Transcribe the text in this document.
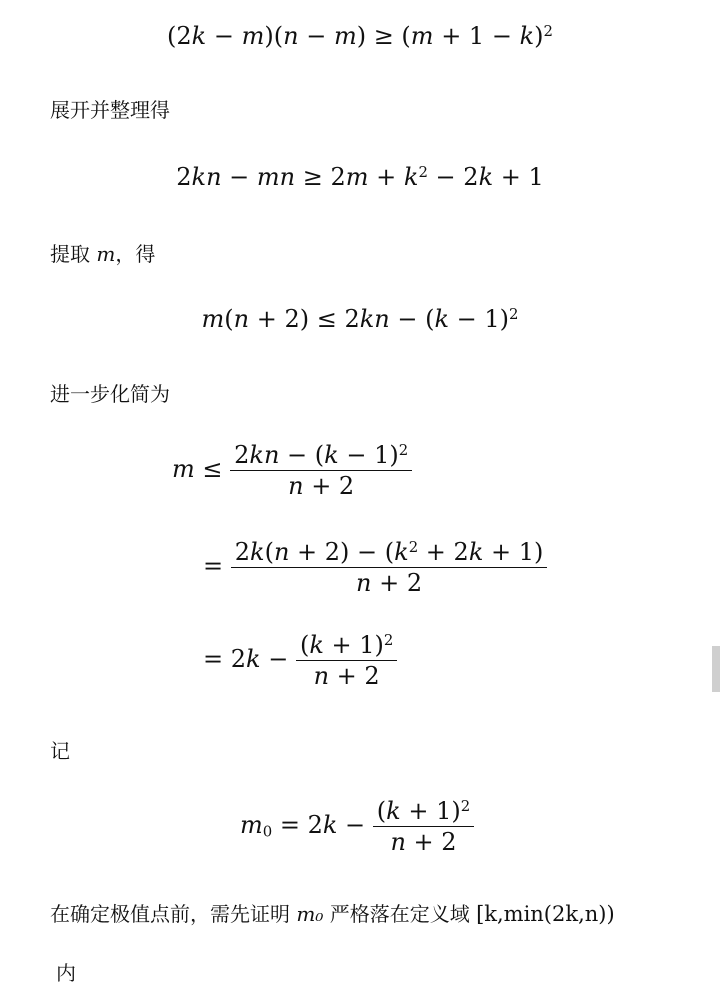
$(2k - m)(n - m) \ge (m + 1 - k)^2$
展开并整理得
2kn − mn ≥ $2m + k^2 - 2k + 1$
提取 m，得
$m(n + 2) \le 2kn - (k - 1)^2$
进一步化简为
$m \le \frac{2kn - (k - 1)^2}{n + 2}$
= $\frac{2k(n + 2) - (k^2 + 2k + 1)}{n + 2}$
= $2k - \frac{(k + 1)^2}{n + 2}$
记
$m_0 = 2k - \frac{(k + 1)^2}{n + 2}$
在确定极值点前，需先证明 m₀ 严格落在定义域 [k,min(2k,n))
内
